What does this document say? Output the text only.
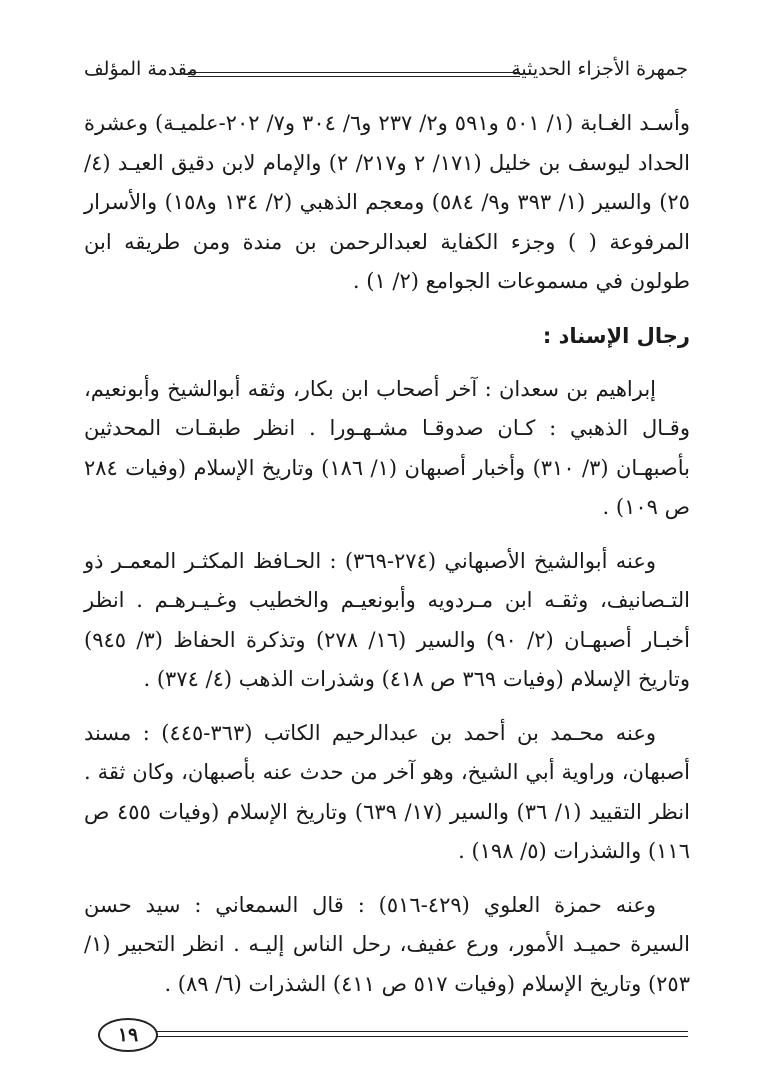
جمهرة الأجزاء الحديثية
مقدمة المؤلف

وأسـد الغـابة (١/ ٥٠١ و٥٩١ و٢/ ٢٣٧ و٦/ ٣٠٤ و٧/ ٢٠٢-علميـة) وعشرة الحداد ليوسف بن خليل (١٧١/ ٢ و٢١٧/ ٢) والإمام لابن دقيق العيـد (٤/ ٢٥) والسير (١/ ٣٩٣ و٩/ ٥٨٤) ومعجم الذهبي (٢/ ١٣٤ و١٥٨) والأسرار المرفوعة ( ) وجزء الكفاية لعبدالرحمن بن مندة ومن طريقه ابن طولون في مسموعات الجوامع (٢/ ١) .

رجال الإسناد :

إبراهيم بن سعدان : آخر أصحاب ابن بكار، وثقه أبوالشيخ وأبونعيم، وقـال الذهبي : كـان صدوقـا مشـهـورا . انظر طبقـات المحدثين بأصبهـان (٣/ ٣١٠) وأخبار أصبهان (١/ ١٨٦) وتاريخ الإسلام (وفيات ٢٨٤ ص ١٠٩) .

وعنه أبوالشيخ الأصبهاني (٢٧٤-٣٦٩) : الحـافظ المكثـر المعمـر ذو التـصانيف، وثقـه ابن مـردويه وأبونعيـم والخطيب وغـيـرهـم . انظر أخبـار أصبهـان (٢/ ٩٠) والسير (١٦/ ٢٧٨) وتذكرة الحفاظ (٣/ ٩٤٥) وتاريخ الإسلام (وفيات ٣٦٩ ص ٤١٨) وشذرات الذهب (٤/ ٣٧٤) .

وعنه محـمد بن أحمد بن عبدالرحيم الكاتب (٣٦٣-٤٤٥) : مسند أصبهان، وراوية أبي الشيخ، وهو آخر من حدث عنه بأصبهان، وكان ثقة . انظر التقييد (١/ ٣٦) والسير (١٧/ ٦٣٩) وتاريخ الإسلام (وفيات ٤٥٥ ص ١١٦) والشذرات (٥/ ١٩٨) .

وعنه حمزة العلوي (٤٢٩-٥١٦) : قال السمعاني : سيد حسن السيرة حميـد الأمور، ورع عفيف، رحل الناس إليـه . انظر التحبير (١/ ٢٥٣) وتاريخ الإسلام (وفيات ٥١٧ ص ٤١١) الشذرات (٦/ ٨٩) .

١٩
